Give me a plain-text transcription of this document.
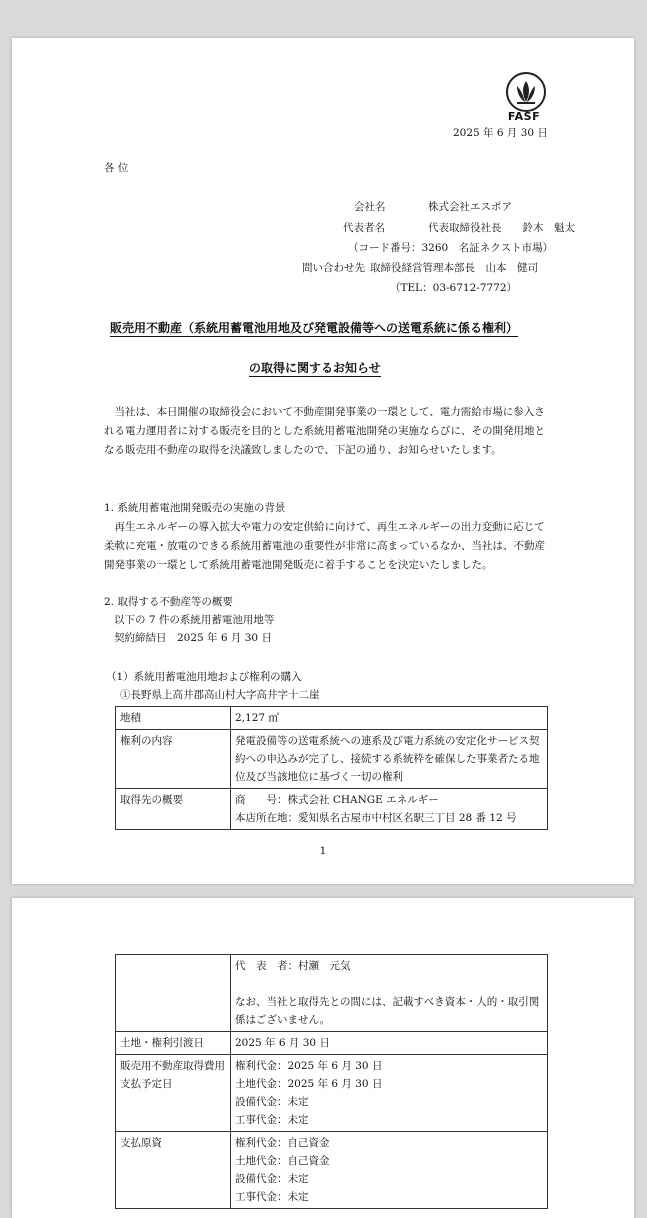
FASF
2025 年 6 月 30 日
各 位
会社名	株式会社エスポア
代表者名	代表取締役社長　　鈴木　魁太
（コード番号：3260　名証ネクスト市場）
問い合わせ先 取締役経営管理本部長　山本　健司
（TEL：03-6712-7772）
販売用不動産（系統用蓄電池用地及び発電設備等への送電系統に係る権利）
の取得に関するお知らせ
当社は、本日開催の取締役会において不動産開発事業の一環として、電力需給市場に参入される電力運用者に対する販売を目的とした系統用蓄電池開発の実施ならびに、その開発用地となる販売用不動産の取得を決議致しましたので、下記の通り、お知らせいたします。
1. 系統用蓄電池開発販売の実施の背景
再生エネルギーの導入拡大や電力の安定供給に向けて、再生エネルギーの出力変動に応じて柔軟に充電・放電のできる系統用蓄電池の重要性が非常に高まっているなか、当社は、不動産開発事業の一環として系統用蓄電池開発販売に着手することを決定いたしました。
2. 取得する不動産等の概要
以下の 7 件の系統用蓄電池用地等
契約締結日　2025 年 6 月 30 日
（1）系統用蓄電池用地および権利の購入
①長野県上高井郡高山村大字高井字十二崖
地積	2,127 ㎡
権利の内容	発電設備等の送電系統への連系及び電力系統の安定化サービス契約への申込みが完了し、接続する系統枠を確保した事業者たる地位及び当該地位に基づく一切の権利
取得先の概要	商　　号：株式会社 CHANGE エネルギー
本店所在地：愛知県名古屋市中村区名駅三丁目 28 番 12 号
1

	代　表　者：村瀬　元気
なお、当社と取得先との間には、記載すべき資本・人的・取引関係はございません。

土地・権利引渡日	2025 年 6 月 30 日
販売用不動産取得費用支払予定日	権利代金：2025 年 6 月 30 日
土地代金：2025 年 6 月 30 日
設備代金：未定
工事代金：未定

支払原資	権利代金：自己資金
土地代金：自己資金
設備代金：未定
工事代金：未定
